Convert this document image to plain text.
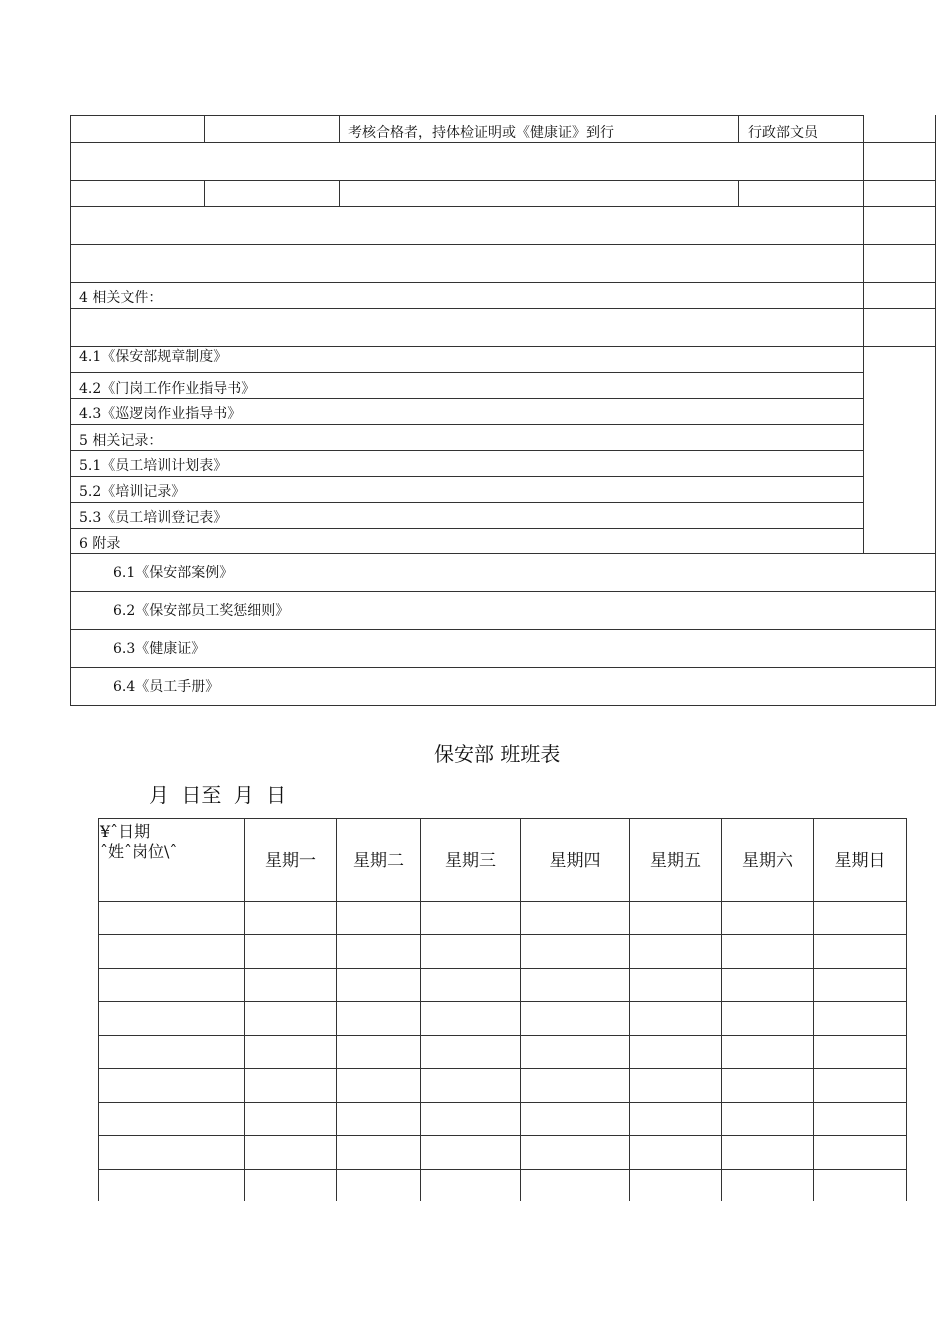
考核合格者，持体检证明或《健康证》到行	行政部文员
4 相关文件：
4.1《保安部规章制度》
4.2《门岗工作作业指导书》
4.3《巡逻岗作业指导书》
5 相关记录：
5.1《员工培训计划表》
5.2《培训记录》
5.3《员工培训登记表》
6 附录
6.1《保安部案例》
6.2《保安部员工奖惩细则》
6.3《健康证》
6.4《员工手册》
保安部 班班表
月 日至 月 日
¥ˆ日期
ˆ姓ˆ岗位\ˆ	星期一	星期二	星期三	星期四	星期五	星期六	星期日
